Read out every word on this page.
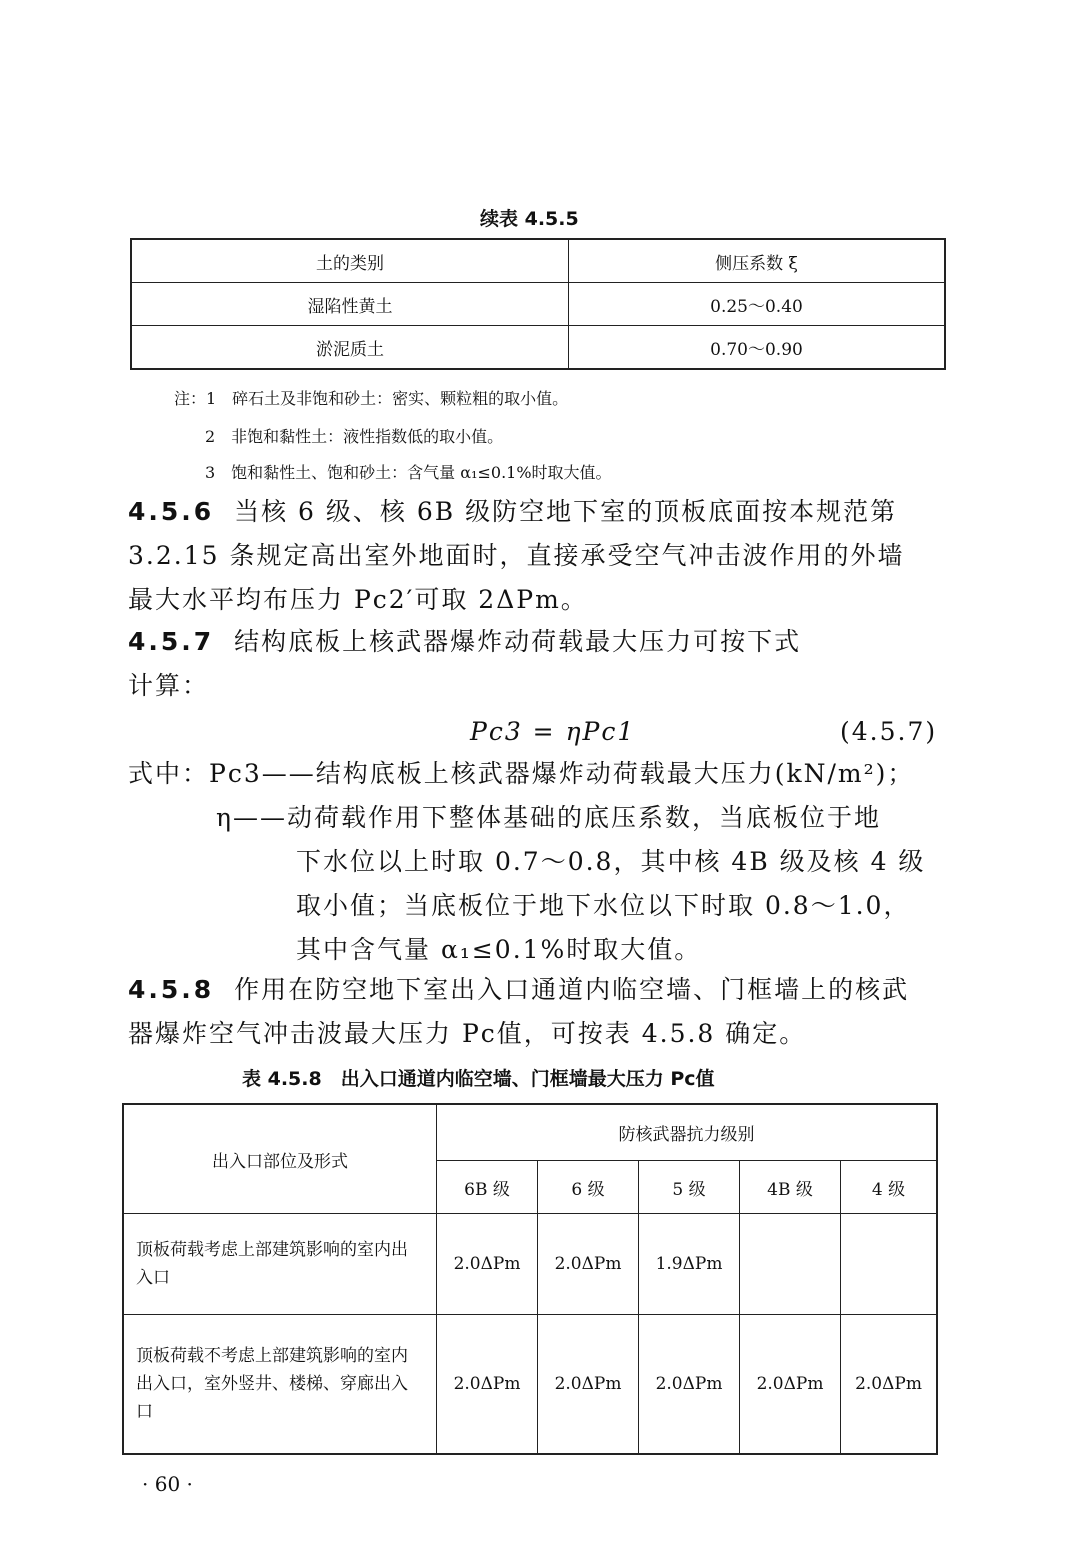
续表 4.5.5
土的类别	侧压系数 ξ
湿陷性黄土	0.25～0.40
淤泥质土	0.70～0.90
注：1　碎石土及非饱和砂土：密实、颗粒粗的取小值。
2　非饱和黏性土：液性指数低的取小值。
3　饱和黏性土、饱和砂土：含气量 α₁≤0.1%时取大值。
4.5.6 当核 6 级、核 6B 级防空地下室的顶板底面按本规范第
3.2.15 条规定高出室外地面时，直接承受空气冲击波作用的外墙
最大水平均布压力 Pc2′可取 2ΔPm。
4.5.7 结构底板上核武器爆炸动荷载最大压力可按下式
计算：
Pc3 = ηPc1	(4.5.7)
式中：Pc3——结构底板上核武器爆炸动荷载最大压力(kN/m²)；
η——动荷载作用下整体基础的底压系数，当底板位于地
下水位以上时取 0.7～0.8，其中核 4B 级及核 4 级
取小值；当底板位于地下水位以下时取 0.8～1.0，
其中含气量 α₁≤0.1%时取大值。
4.5.8 作用在防空地下室出入口通道内临空墙、门框墙上的核武
器爆炸空气冲击波最大压力 Pc值，可按表 4.5.8 确定。
表 4.5.8　出入口通道内临空墙、门框墙最大压力 Pc值
出入口部位及形式	防核武器抗力级别				
	6B 级	6 级	5 级	4B 级	4 级
顶板荷载考虑上部建筑影响的室内出入口	2.0ΔPm	2.0ΔPm	1.9ΔPm		
顶板荷载不考虑上部建筑影响的室内出入口，室外竖井、楼梯、穿廊出入口	2.0ΔPm	2.0ΔPm	2.0ΔPm	2.0ΔPm	2.0ΔPm
· 60 ·
